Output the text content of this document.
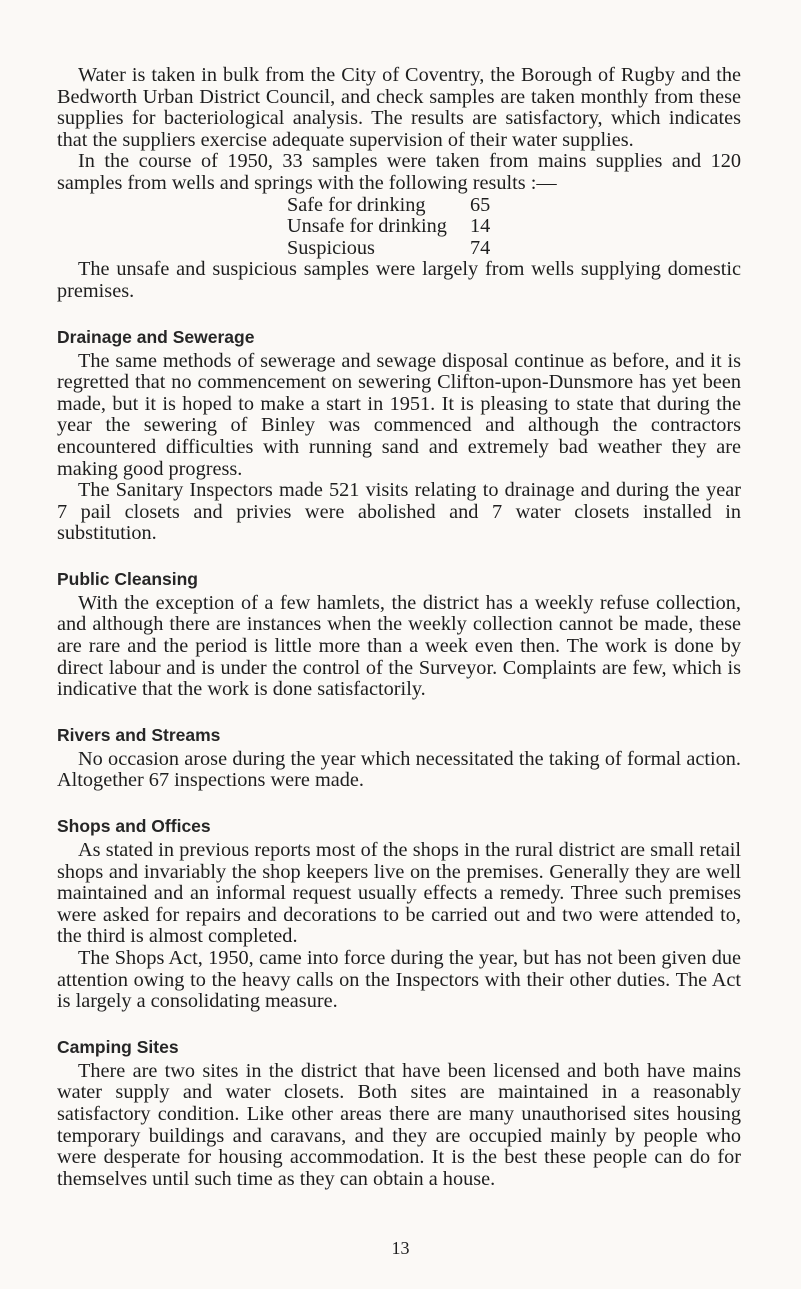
Water is taken in bulk from the City of Coventry, the Borough of Rugby and the Bedworth Urban District Council, and check samples are taken monthly from these supplies for bacteriological analysis. The results are satisfactory, which indicates that the suppliers exercise adequate supervision of their water supplies.

In the course of 1950, 33 samples were taken from mains supplies and 120 samples from wells and springs with the following results :—

Safe for drinking	65
Unsafe for drinking	14
Suspicious	74

The unsafe and suspicious samples were largely from wells supplying domestic premises.

Drainage and Sewerage

The same methods of sewerage and sewage disposal continue as before, and it is regretted that no commencement on sewering Clifton-upon-Dunsmore has yet been made, but it is hoped to make a start in 1951. It is pleasing to state that during the year the sewering of Binley was commenced and although the contractors encountered difficulties with running sand and extremely bad weather they are making good progress.

The Sanitary Inspectors made 521 visits relating to drainage and during the year 7 pail closets and privies were abolished and 7 water closets installed in substitution.

Public Cleansing

With the exception of a few hamlets, the district has a weekly refuse collection, and although there are instances when the weekly collection cannot be made, these are rare and the period is little more than a week even then. The work is done by direct labour and is under the control of the Surveyor. Complaints are few, which is indicative that the work is done satisfactorily.

Rivers and Streams

No occasion arose during the year which necessitated the taking of formal action. Altogether 67 inspections were made.

Shops and Offices

As stated in previous reports most of the shops in the rural district are small retail shops and invariably the shop keepers live on the premises. Generally they are well maintained and an informal request usually effects a remedy. Three such premises were asked for repairs and decorations to be carried out and two were attended to, the third is almost completed.

The Shops Act, 1950, came into force during the year, but has not been given due attention owing to the heavy calls on the Inspectors with their other duties. The Act is largely a consolidating measure.

Camping Sites

There are two sites in the district that have been licensed and both have mains water supply and water closets. Both sites are maintained in a reasonably satisfactory condition. Like other areas there are many unauthorised sites housing temporary buildings and caravans, and they are occupied mainly by people who were desperate for housing accommodation. It is the best these people can do for themselves until such time as they can obtain a house.

13
